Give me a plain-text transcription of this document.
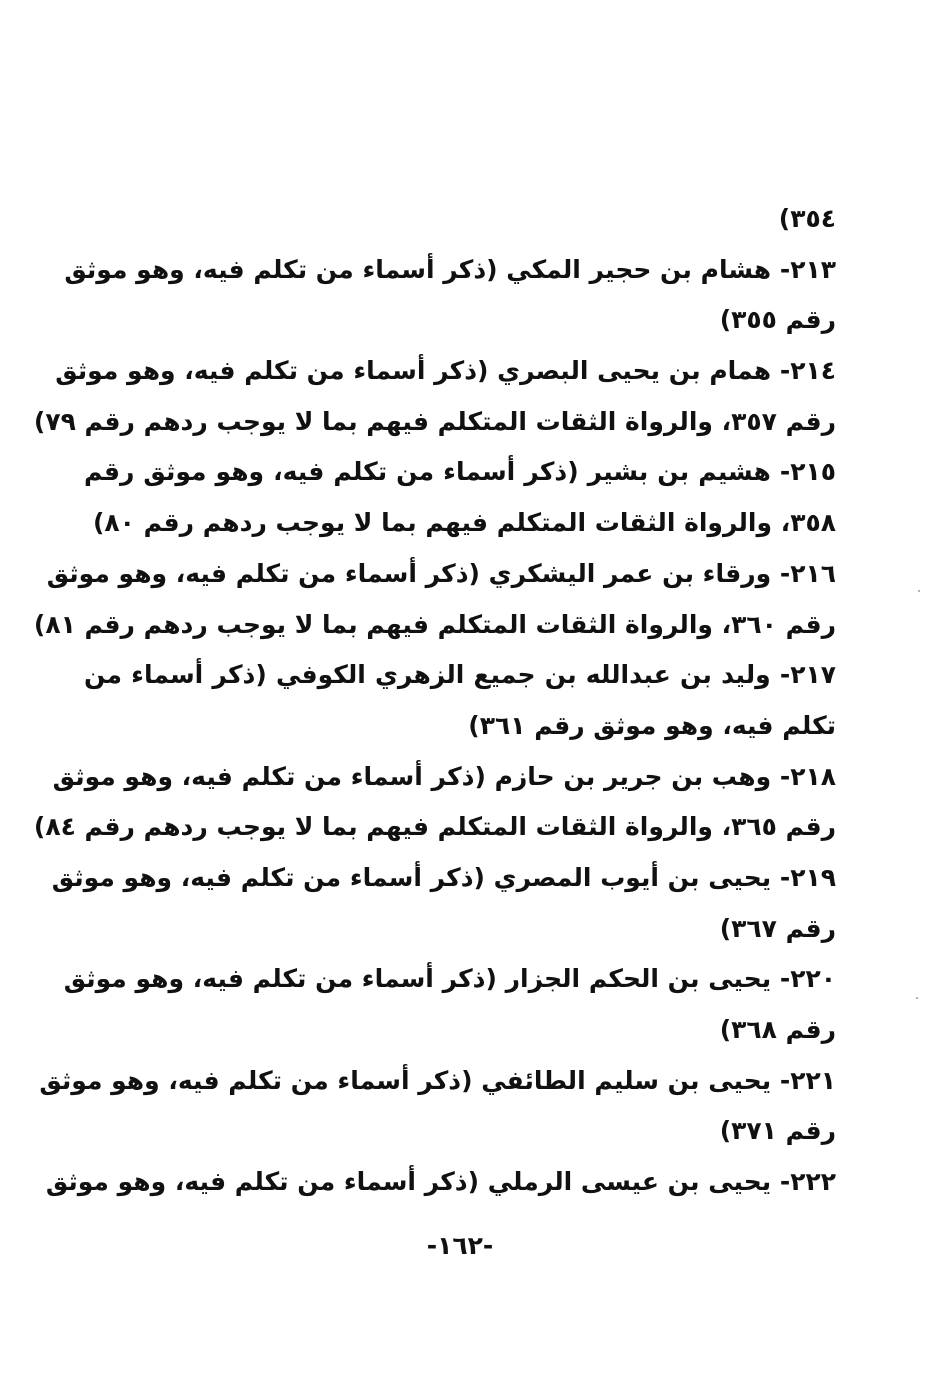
٣٥٤)
٢١٣- هشام بن حجير المكي (ذكر أسماء من تكلم فيه، وهو موثق
رقم ٣٥٥)
٢١٤- همام بن يحيى البصري (ذكر أسماء من تكلم فيه، وهو موثق
رقم ٣٥٧، والرواة الثقات المتكلم فيهم بما لا يوجب ردهم رقم ٧٩)
٢١٥- هشيم بن بشير (ذكر أسماء من تكلم فيه، وهو موثق رقم
٣٥٨، والرواة الثقات المتكلم فيهم بما لا يوجب ردهم رقم ٨٠)
٢١٦- ورقاء بن عمر اليشكري (ذكر أسماء من تكلم فيه، وهو موثق
رقم ٣٦٠، والرواة الثقات المتكلم فيهم بما لا يوجب ردهم رقم ٨١)
٢١٧- وليد بن عبدالله بن جميع الزهري الكوفي (ذكر أسماء من
تكلم فيه، وهو موثق رقم ٣٦١)
٢١٨- وهب بن جرير بن حازم (ذكر أسماء من تكلم فيه، وهو موثق
رقم ٣٦٥، والرواة الثقات المتكلم فيهم بما لا يوجب ردهم رقم ٨٤)
٢١٩- يحيى بن أيوب المصري (ذكر أسماء من تكلم فيه، وهو موثق
رقم ٣٦٧)
٢٢٠- يحيى بن الحكم الجزار (ذكر أسماء من تكلم فيه، وهو موثق
رقم ٣٦٨)
٢٢١- يحيى بن سليم الطائفي (ذكر أسماء من تكلم فيه، وهو موثق
رقم ٣٧١)
٢٢٢- يحيى بن عيسى الرملي (ذكر أسماء من تكلم فيه، وهو موثق
-١٦٢-
